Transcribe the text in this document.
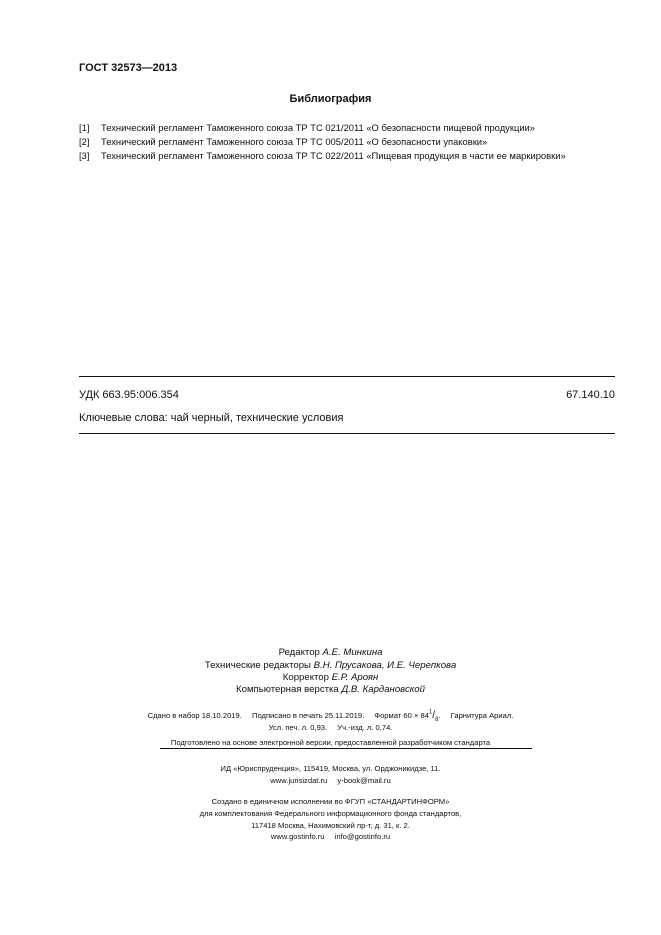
ГОСТ 32573—2013
Библиография
[1] Технический регламент Таможенного союза ТР ТС 021/2011 «О безопасности пищевой продукции»
[2] Технический регламент Таможенного союза ТР ТС 005/2011 «О безопасности упаковки»
[3] Технический регламент Таможенного союза ТР ТС 022/2011 «Пищевая продукция в части ее маркировки»
УДК 663.95:006.354	67.140.10
Ключевые слова: чай черный, технические условия
Редактор А.Е. Минкина
Технические редакторы В.Н. Прусакова, И.Е. Черепкова
Корректор Е.Р. Ароян
Компьютерная верстка Д.В. Кардановской
Сдано в набор 18.10.2019. Подписано в печать 25.11.2019. Формат $60 \times 84^1/_8$. Гарнитура Ариал.
Усл. печ. л. 0,93. Уч.-изд. л. 0,74.
Подготовлено на основе электронной версии, предоставленной разработчиком стандарта
ИД «Юриспруденция», 115419, Москва, ул. Орджоникидзе, 11.
www.jurisizdat.ru y-book@mail.ru
Создано в единичном исполнении во ФГУП «СТАНДАРТИНФОРМ»
для комплектования Федерального информационного фонда стандартов,
117418 Москва, Нахимовский пр-т, д. 31, к. 2.
www.gostinfo.ru info@gostinfo.ru
